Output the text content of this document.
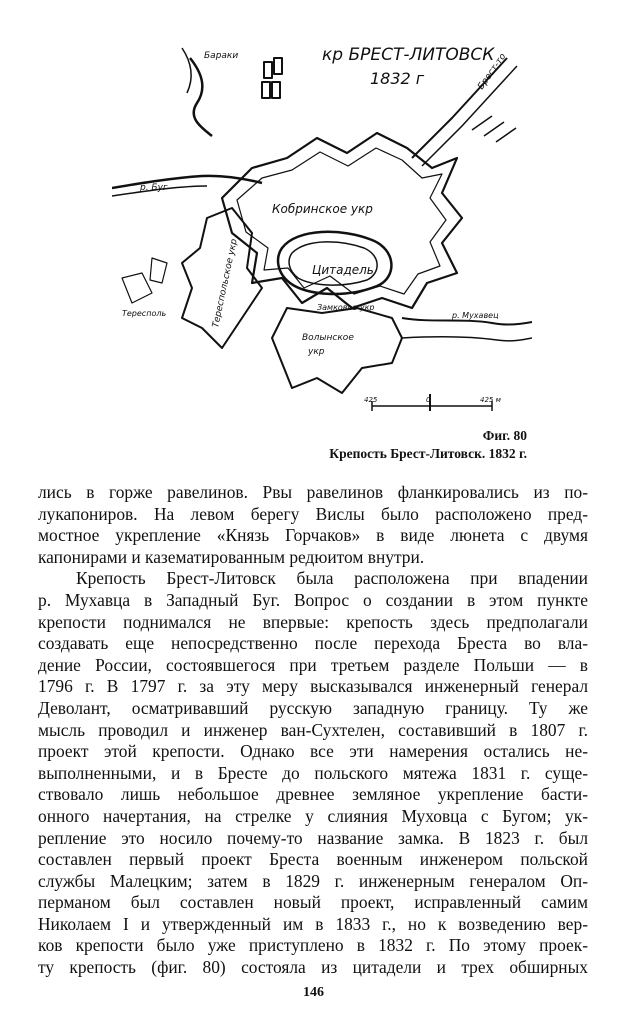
кр БРЕСТ-ЛИТОВСК
1832 г
Бараки	Брест-то
р. Буг
Кобринское укр
Тереспольское укр	Цитадель
Замковое укр
Волынское
укр
Тересполь	р. Мухавец
425	0	425 м
Фиг. 80
Крепость Брест-Литовск. 1832 г.
лись в горже равелинов. Рвы равелинов фланкировались из по-
лукапониров. На левом берегу Вислы было расположено пред-
мостное укрепление «Князь Горчаков» в виде люнета с двумя
капонирами и казематированным редюитом внутри.
Крепость Брест-Литовск была расположена при впадении
р. Мухавца в Западный Буг. Вопрос о создании в этом пункте
крепости поднимался не впервые: крепость здесь предполагали
создавать еще непосредственно после перехода Бреста во вла-
дение России, состоявшегося при третьем разделе Польши — в
1796 г. В 1797 г. за эту меру высказывался инженерный генерал
Деволант, осматривавший русскую западную границу. Ту же
мысль проводил и инженер ван-Сухтелен, составивший в 1807 г.
проект этой крепости. Однако все эти намерения остались не-
выполненными, и в Бресте до польского мятежа 1831 г. суще-
ствовало лишь небольшое древнее земляное укрепление басти-
онного начертания, на стрелке у слияния Муховца с Бугом; ук-
репление это носило почему-то название замка. В 1823 г. был
составлен первый проект Бреста военным инженером польской
службы Малецким; затем в 1829 г. инженерным генералом Оп-
перманом был составлен новый проект, исправленный самим
Николаем I и утвержденный им в 1833 г., но к возведению вер-
ков крепости было уже приступлено в 1832 г. По этому проек-
ту крепость (фиг. 80) состояла из цитадели и трех обширных
146
